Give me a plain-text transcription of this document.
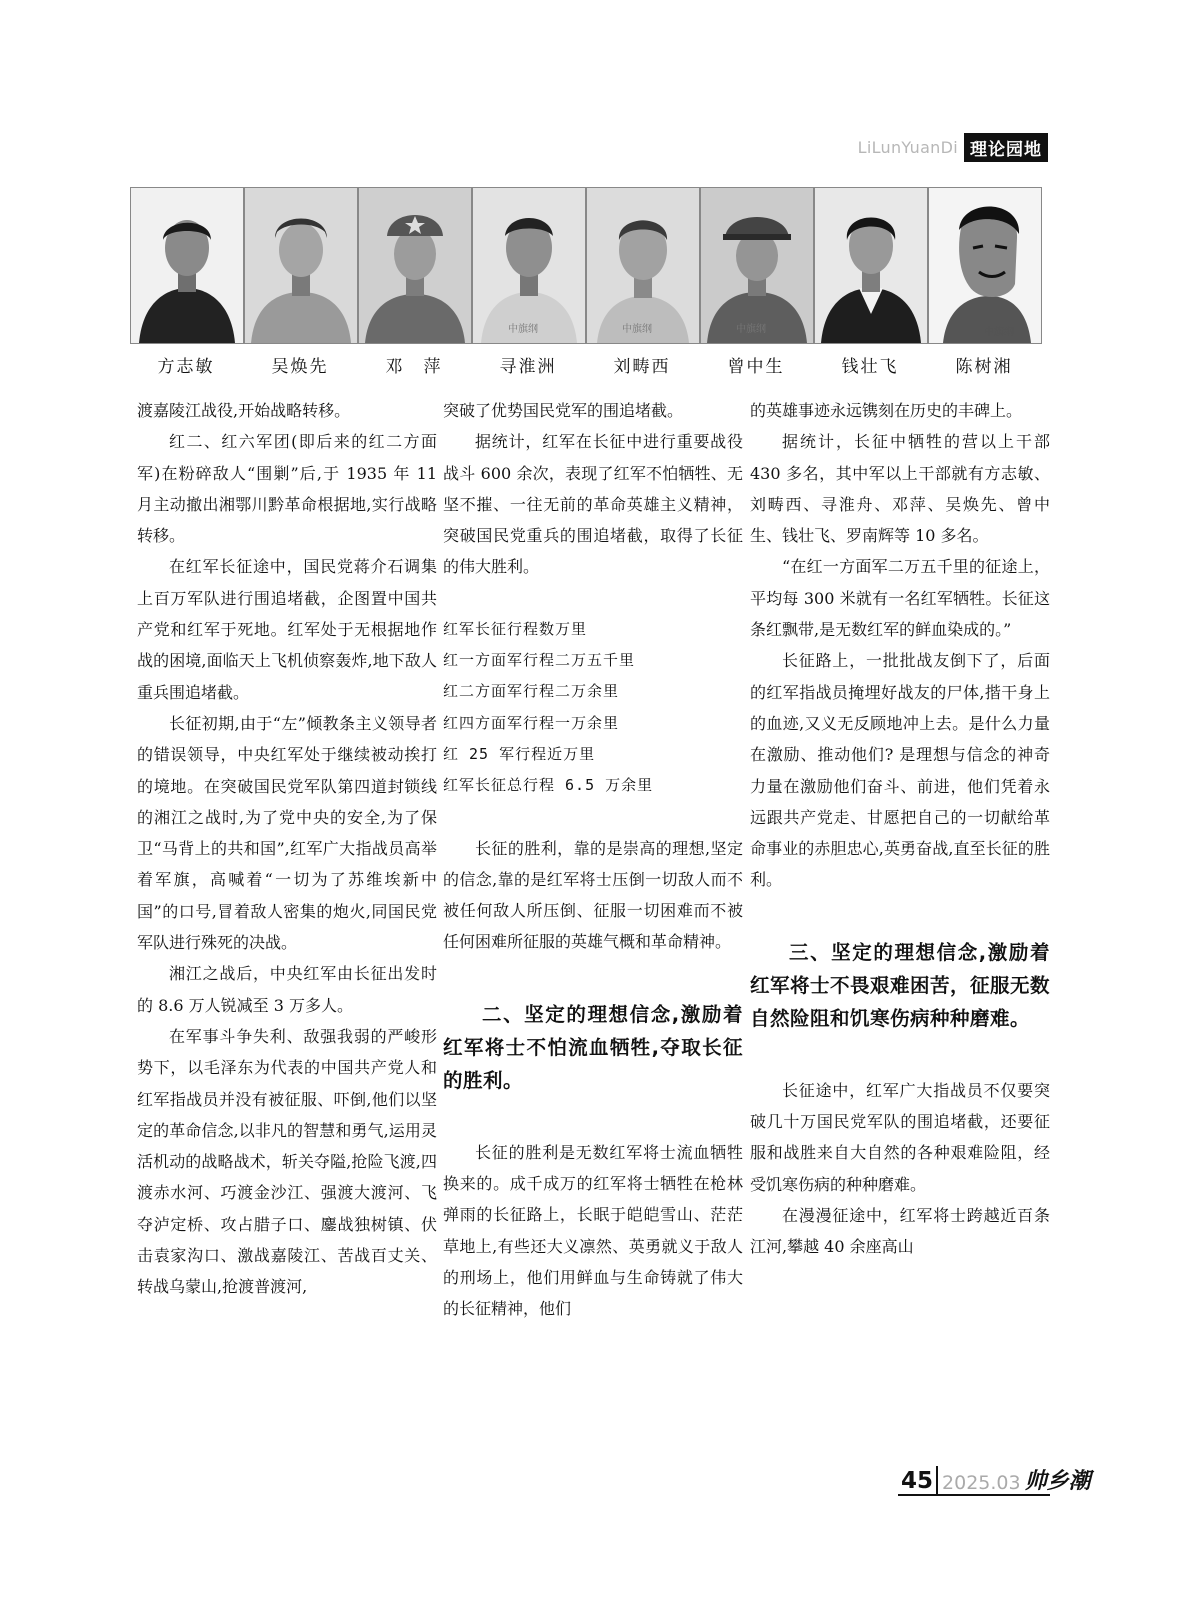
LiLunYuanDi 理论园地
中旗纲	中旗纲	中旗纲	中旗纲
方志敏	吴焕先	邓　萍	寻淮洲	刘畴西	曾中生	钱壮飞	陈树湘

渡嘉陵江战役,开始战略转移。

红二、红六军团(即后来的红二方面军)在粉碎敌人“围剿”后,于 1935 年 11 月主动撤出湘鄂川黔革命根据地,实行战略转移。

在红军长征途中，国民党蒋介石调集上百万军队进行围追堵截，企图置中国共产党和红军于死地。红军处于无根据地作战的困境,面临天上飞机侦察轰炸,地下敌人重兵围追堵截。

长征初期,由于“左”倾教条主义领导者的错误领导，中央红军处于继续被动挨打的境地。在突破国民党军队第四道封锁线的湘江之战时,为了党中央的安全,为了保卫“马背上的共和国”,红军广大指战员高举着军旗，高喊着“一切为了苏维埃新中国”的口号,冒着敌人密集的炮火,同国民党军队进行殊死的决战。

湘江之战后，中央红军由长征出发时的 8.6 万人锐减至 3 万多人。

在军事斗争失利、敌强我弱的严峻形势下，以毛泽东为代表的中国共产党人和红军指战员并没有被征服、吓倒,他们以坚定的革命信念,以非凡的智慧和勇气,运用灵活机动的战略战术，斩关夺隘,抢险飞渡,四渡赤水河、巧渡金沙江、强渡大渡河、飞夺泸定桥、攻占腊子口、鏖战独树镇、伏击袁家沟口、激战嘉陵江、苦战百丈关、转战乌蒙山,抢渡普渡河,

突破了优势国民党军的围追堵截。

据统计，红军在长征中进行重要战役战斗 600 余次，表现了红军不怕牺牲、无坚不摧、一往无前的革命英雄主义精神，突破国民党重兵的围追堵截，取得了长征的伟大胜利。

红军长征行程数万里

红一方面军行程二万五千里

红二方面军行程二万余里

红四方面军行程一万余里

红 25 军行程近万里

红军长征总行程 6.5 万余里

长征的胜利，靠的是崇高的理想,坚定的信念,靠的是红军将士压倒一切敌人而不被任何敌人所压倒、征服一切困难而不被任何困难所征服的英雄气概和革命精神。

二、坚定的理想信念,激励着红军将士不怕流血牺牲,夺取长征的胜利。

长征的胜利是无数红军将士流血牺牲换来的。成千成万的红军将士牺牲在枪林弹雨的长征路上，长眠于皑皑雪山、茫茫草地上,有些还大义凛然、英勇就义于敌人的刑场上，他们用鲜血与生命铸就了伟大的长征精神，他们

的英雄事迹永远镌刻在历史的丰碑上。

据统计，长征中牺牲的营以上干部 430 多名，其中军以上干部就有方志敏、刘畴西、寻淮舟、邓萍、吴焕先、曾中生、钱壮飞、罗南辉等 10 多名。

“在红一方面军二万五千里的征途上，平均每 300 米就有一名红军牺牲。长征这条红飘带,是无数红军的鲜血染成的。”

长征路上，一批批战友倒下了，后面的红军指战员掩埋好战友的尸体,揩干身上的血迹,又义无反顾地冲上去。是什么力量在激励、推动他们? 是理想与信念的神奇力量在激励他们奋斗、前进，他们凭着永远跟共产党走、甘愿把自己的一切献给革命事业的赤胆忠心,英勇奋战,直至长征的胜利。

三、坚定的理想信念,激励着红军将士不畏艰难困苦，征服无数自然险阻和饥寒伤病种种磨难。

长征途中，红军广大指战员不仅要突破几十万国民党军队的围追堵截，还要征服和战胜来自大自然的各种艰难险阻，经受饥寒伤病的种种磨难。

在漫漫征途中，红军将士跨越近百条江河,攀越 40 余座高山

45 2025.03 帅乡潮
